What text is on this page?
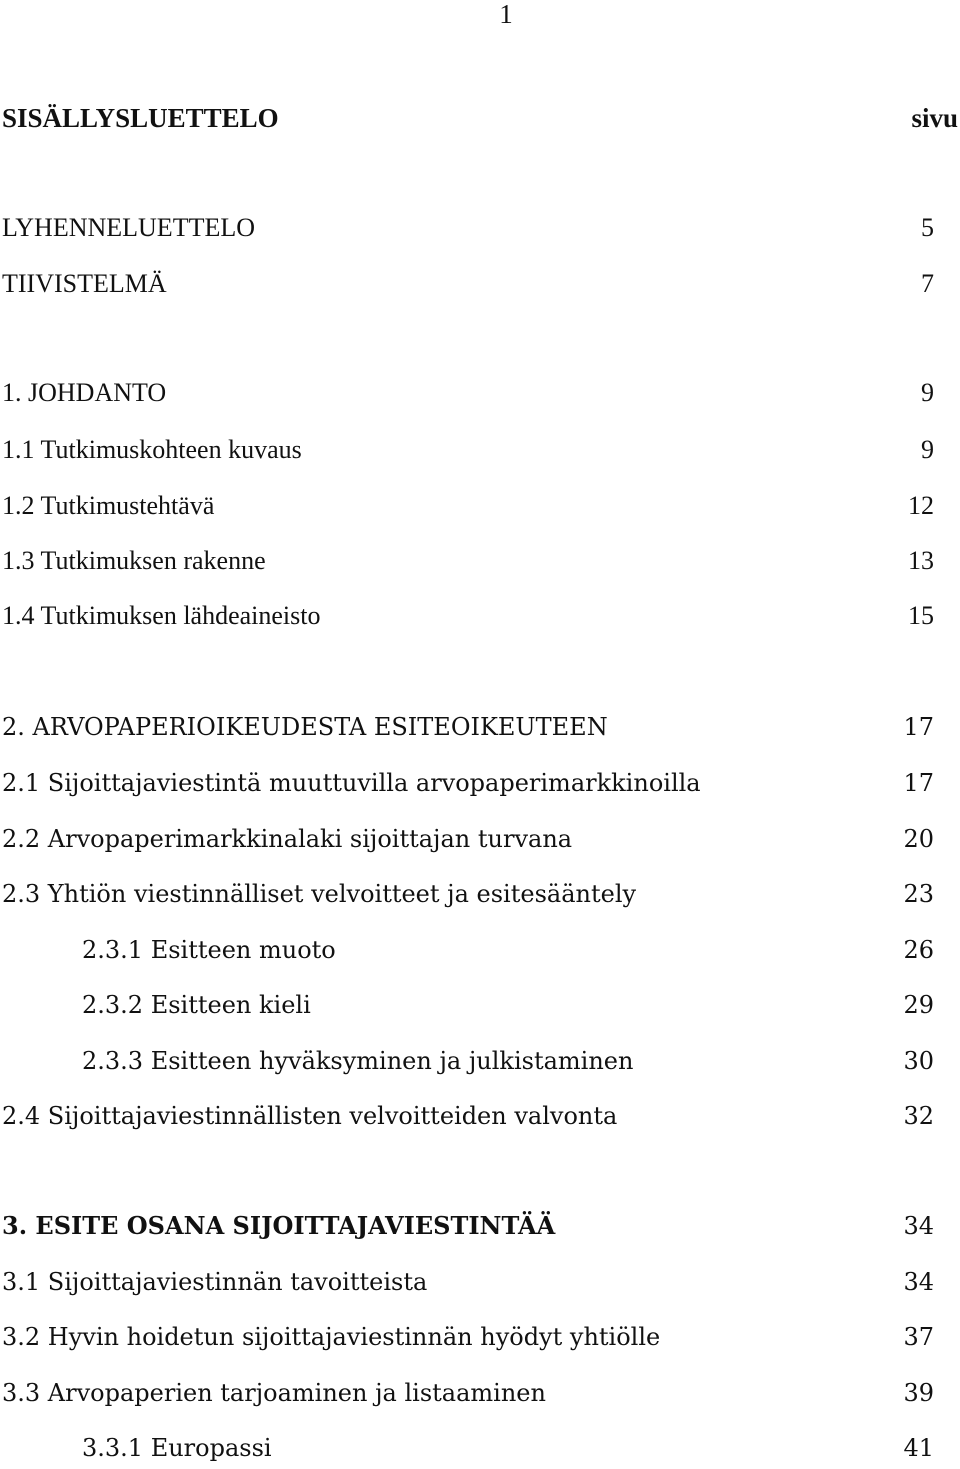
1
SISÄLLYSLUETTELO	sivu
LYHENNELUETTELO	5
TIIVISTELMÄ	7
1. JOHDANTO	9
1.1 Tutkimuskohteen kuvaus	9
1.2 Tutkimustehtävä	12
1.3 Tutkimuksen rakenne	13
1.4 Tutkimuksen lähdeaineisto	15
2. ARVOPAPERIOIKEUDESTA ESITEOIKEUTEEN	17
2.1 Sijoittajaviestintä muuttuvilla arvopaperimarkkinoilla	17
2.2 Arvopaperimarkkinalaki sijoittajan turvana	20
2.3 Yhtiön viestinnälliset velvoitteet ja esitesääntely	23
2.3.1 Esitteen muoto	26
2.3.2 Esitteen kieli	29
2.3.3 Esitteen hyväksyminen ja julkistaminen	30
2.4 Sijoittajaviestinnällisten velvoitteiden valvonta	32
3. ESITE OSANA SIJOITTAJAVIESTINTÄÄ	34
3.1 Sijoittajaviestinnän tavoitteista	34
3.2 Hyvin hoidetun sijoittajaviestinnän hyödyt yhtiölle	37
3.3 Arvopaperien tarjoaminen ja listaaminen	39
3.3.1 Europassi	41
